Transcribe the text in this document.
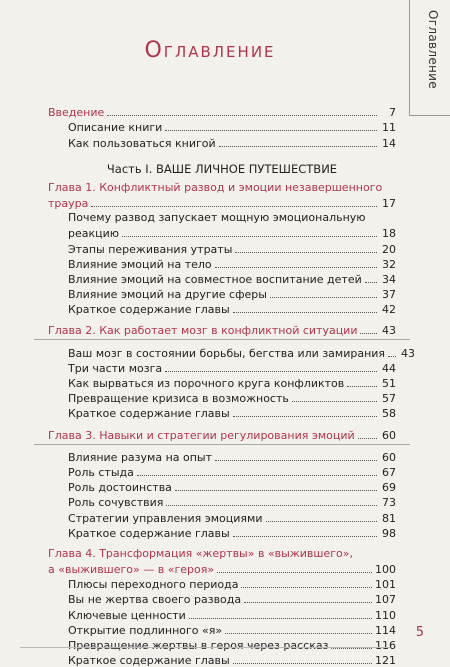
Оглавление
Оглавление
Введение	7
Описание книги	11
Как пользоваться книгой	14
Часть I. ВАШЕ ЛИЧНОЕ ПУТЕШЕСТВИЕ
Глава 1. Конфликтный развод и эмоции незавершенного
траура	17
Почему развод запускает мощную эмоциональную
реакцию	18
Этапы переживания утраты	20
Влияние эмоций на тело	32
Влияние эмоций на совместное воспитание детей 34
Влияние эмоций на другие сферы	37
Краткое содержание главы	42
Глава 2. Как работает мозг в конфликтной ситуации 43
Ваш мозг в состоянии борьбы, бегства или замирания 43
Три части мозга	44
Как вырваться из порочного круга конфликтов	51
Превращение кризиса в возможность	57
Краткое содержание главы	58
Глава 3. Навыки и стратегии регулирования эмоций 60
Влияние разума на опыт	60
Роль стыда	67
Роль достоинства	69
Роль сочувствия	73
Стратегии управления эмоциями	81
Краткое содержание главы	98
Глава 4. Трансформация «жертвы» в «выжившего»,
а «выжившего» — в «героя»	100
Плюсы переходного периода	101
Вы не жертва своего развода	107
Ключевые ценности	110
Открытие подлинного «я»	114
Превращение жертвы в героя через рассказ	116
Краткое содержание главы	121
5
